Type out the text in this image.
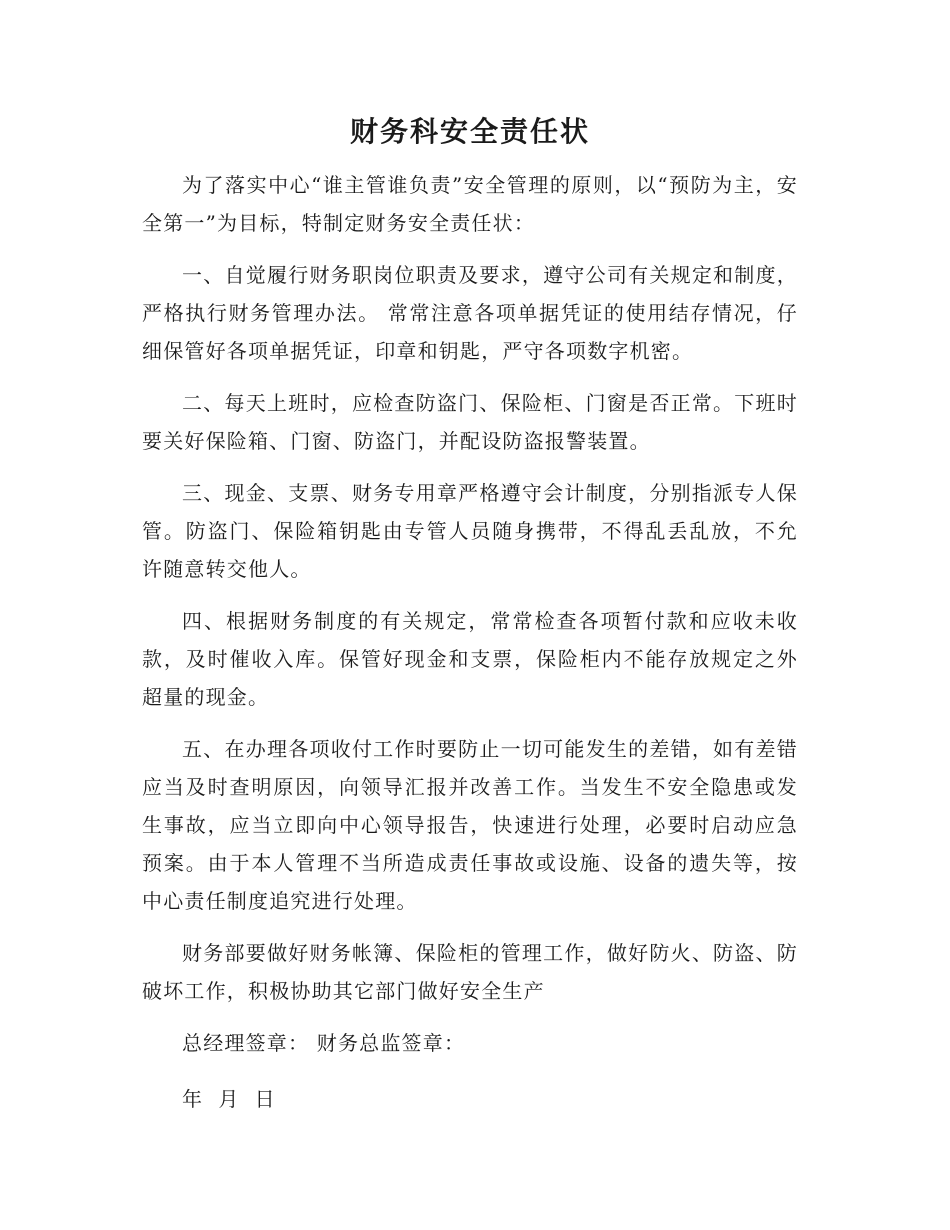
财务科安全责任状

为了落实中心“谁主管谁负责”安全管理的原则，以“预防为主，安全第一”为目标，特制定财务安全责任状：

一、自觉履行财务职岗位职责及要求，遵守公司有关规定和制度，严格执行财务管理办法。 常常注意各项单据凭证的使用结存情况，仔细保管好各项单据凭证，印章和钥匙，严守各项数字机密。

二、每天上班时，应检查防盗门、保险柜、门窗是否正常。下班时要关好保险箱、门窗、防盗门，并配设防盗报警装置。

三、现金、支票、财务专用章严格遵守会计制度，分别指派专人保管。防盗门、保险箱钥匙由专管人员随身携带，不得乱丢乱放，不允许随意转交他人。

四、根据财务制度的有关规定，常常检查各项暂付款和应收未收款，及时催收入库。保管好现金和支票，保险柜内不能存放规定之外超量的现金。

五、在办理各项收付工作时要防止一切可能发生的差错，如有差错应当及时查明原因，向领导汇报并改善工作。当发生不安全隐患或发生事故，应当立即向中心领导报告，快速进行处理，必要时启动应急预案。由于本人管理不当所造成责任事故或设施、设备的遗失等，按中心责任制度追究进行处理。

财务部要做好财务帐簿、保险柜的管理工作，做好防火、防盗、防破坏工作，积极协助其它部门做好安全生产

总经理签章： 财务总监签章：

年  月  日
